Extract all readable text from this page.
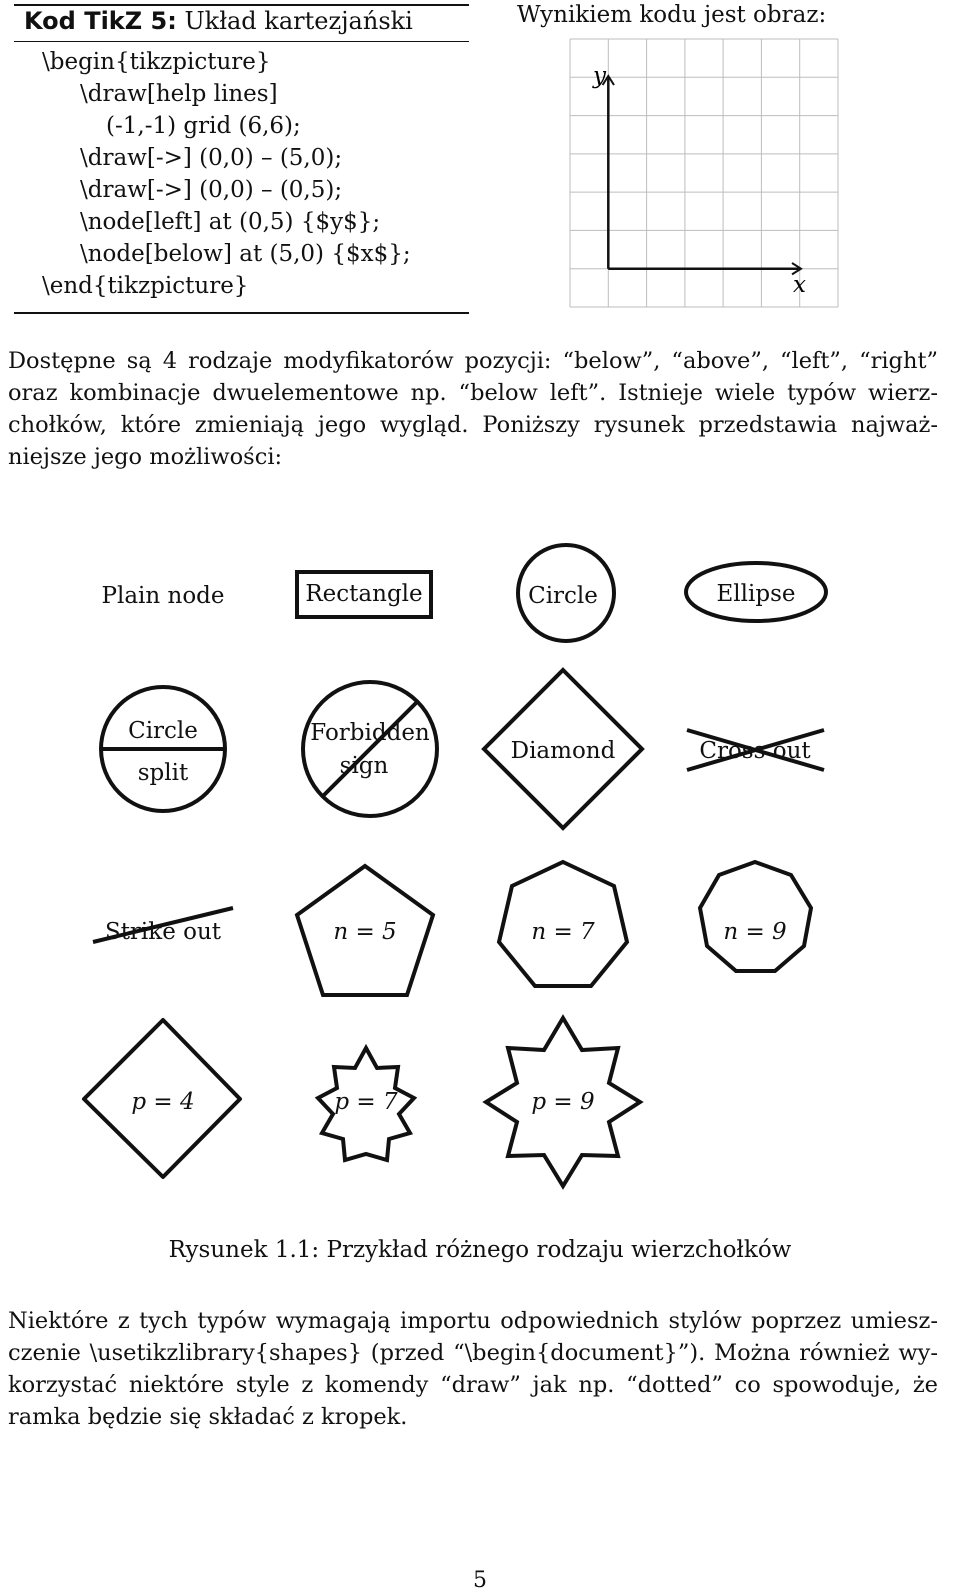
Kod TikZ 5: Układ kartezjański
\begin{tikzpicture}
\draw[help lines]
(-1,-1) grid (6,6);
\draw[->] (0,0) – (5,0);
\draw[->] (0,0) – (0,5);
\node[left] at (0,5) {$y$};
\node[below] at (5,0) {$x$};
\end{tikzpicture}
Wynikiem kodu jest obraz:
y
x
Dostępne są 4 rodzaje modyfikatorów pozycji: “below”, “above”, “left”, “right”
oraz kombinacje dwuelementowe np. “below left”. Istnieje wiele typów wierz-
chołków, które zmieniają jego wygląd. Poniższy rysunek przedstawia najważ-
niejsze jego możliwości:
Plain node	Rectangle	Circle	Ellipse
Circle
split
Forbidden
sign
Diamond	Cross out
Strike out	n = 5	n = 7	n = 9
p = 4	p = 7	p = 9
Rysunek 1.1: Przykład różnego rodzaju wierzchołków
Niektóre z tych typów wymagają importu odpowiednich stylów poprzez umiesz-
czenie \usetikzlibrary{shapes} (przed “\begin{document}”). Można również wy-
korzystać niektóre style z komendy “draw” jak np. “dotted” co spowoduje, że
ramka będzie się składać z kropek.
5
